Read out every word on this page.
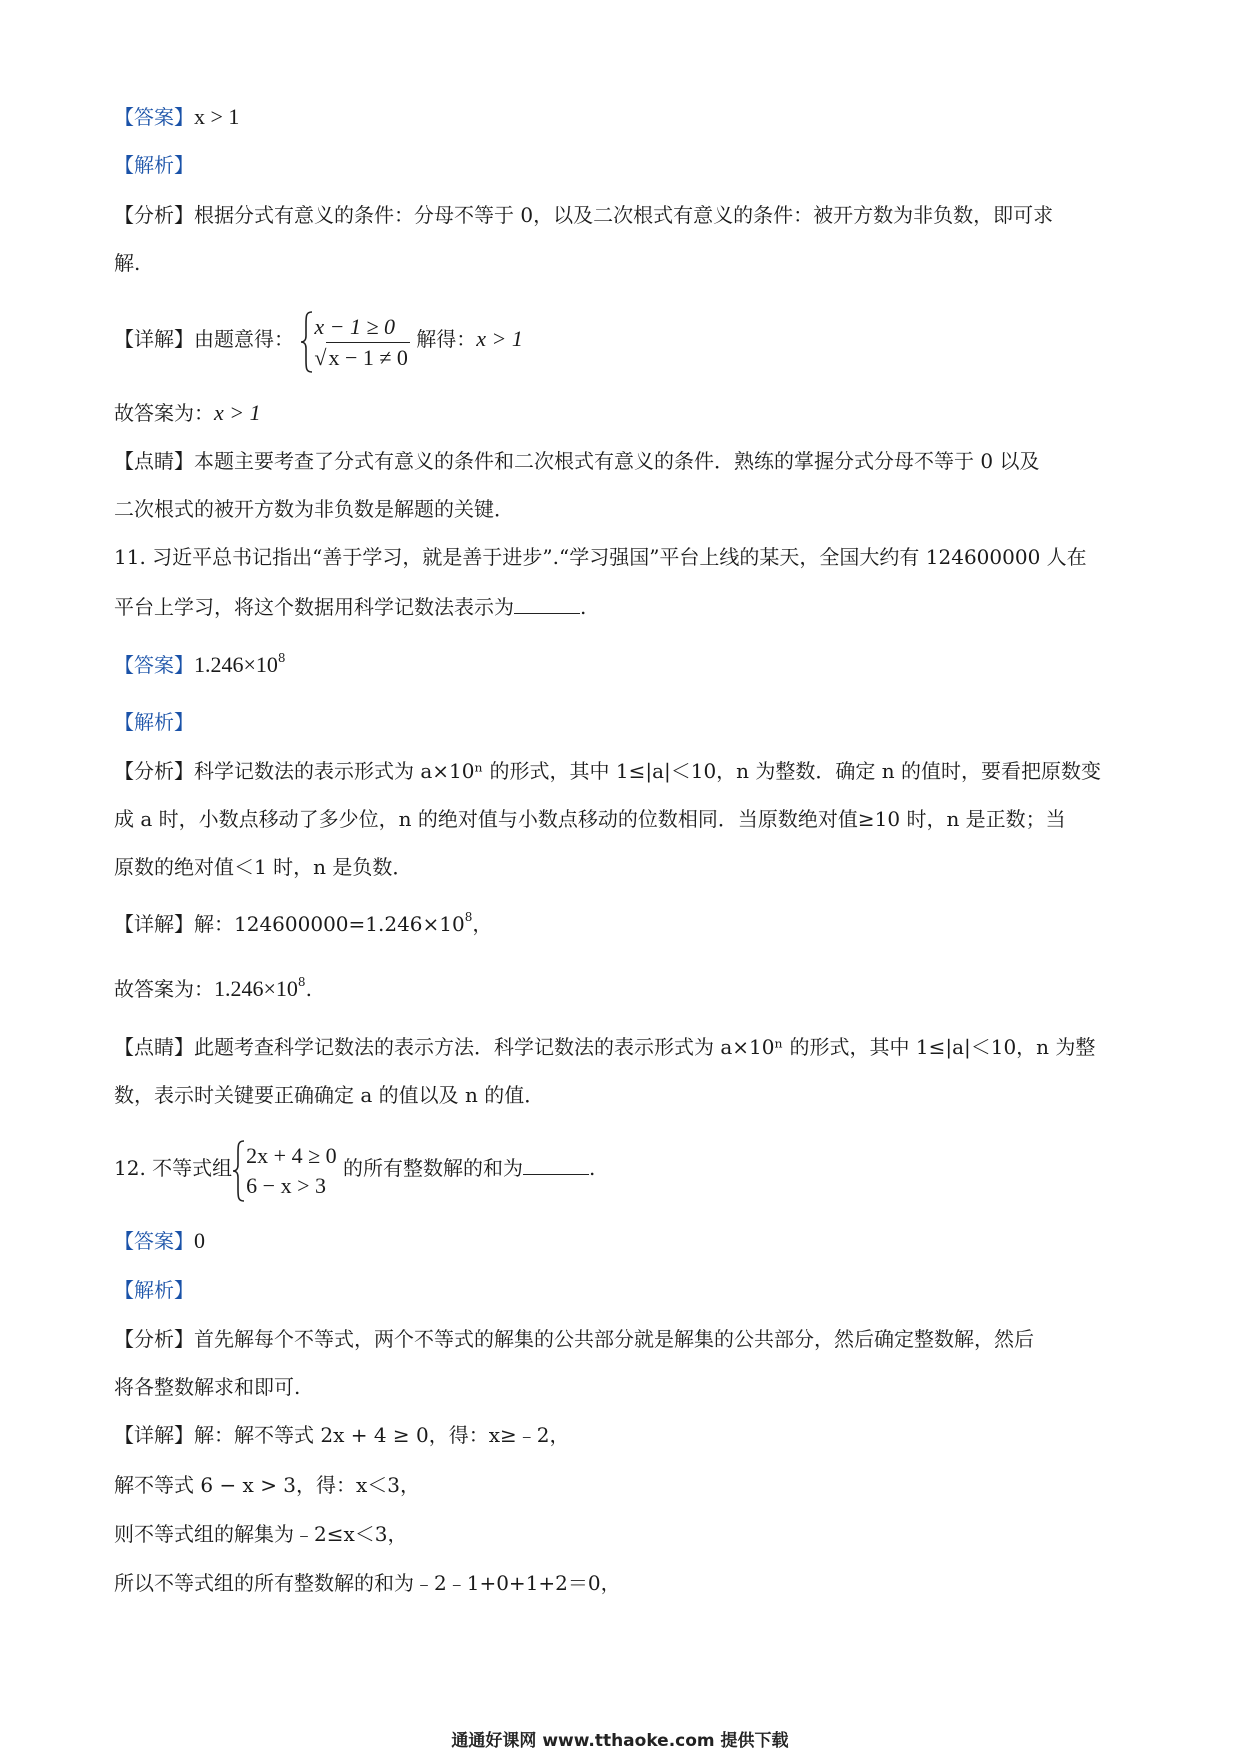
【答案】x > 1
【解析】
【分析】根据分式有意义的条件：分母不等于 0，以及二次根式有意义的条件：被开方数为非负数，即可求
解.
【详解】由题意得：
x − 1 ≥ 0
√x − 1 ≠ 0
解得：x > 1
故答案为：x > 1
【点睛】本题主要考查了分式有意义的条件和二次根式有意义的条件．熟练的掌握分式分母不等于 0 以及
二次根式的被开方数为非负数是解题的关键．
11. 习近平总书记指出“善于学习，就是善于进步”.“学习强国”平台上线的某天，全国大约有 124600000 人在
平台上学习，将这个数据用科学记数法表示为	.
【答案】$1.246\times 10^8$
【解析】
【分析】科学记数法的表示形式为 a×10ⁿ 的形式，其中 1≤|a|＜10，n 为整数．确定 n 的值时，要看把原数变
成 a 时，小数点移动了多少位，n 的绝对值与小数点移动的位数相同．当原数绝对值≥10 时，n 是正数；当
原数的绝对值＜1 时，n 是负数．
【详解】解：$124600000=1.246\times 10^8$，
故答案为：$1.246\times 10^8$.
【点睛】此题考查科学记数法的表示方法．科学记数法的表示形式为 a×10ⁿ 的形式，其中 1≤|a|＜10，n 为整
数，表示时关键要正确确定 a 的值以及 n 的值．
12. 不等式组 2x + 4 ≥ 0
6 − x > 3
的所有整数解的和为	.
【答案】0
【解析】
【分析】首先解每个不等式，两个不等式的解集的公共部分就是解集的公共部分，然后确定整数解，然后
将各整数解求和即可.
【详解】解：解不等式 2x + 4 ≥ 0，得：x≥﹣2，
解不等式 6 − x > 3，得：x＜3，
则不等式组的解集为﹣2≤x＜3，
所以不等式组的所有整数解的和为﹣2﹣1+0+1+2＝0，
通通好课网 www.tthaoke.com 提供下载
